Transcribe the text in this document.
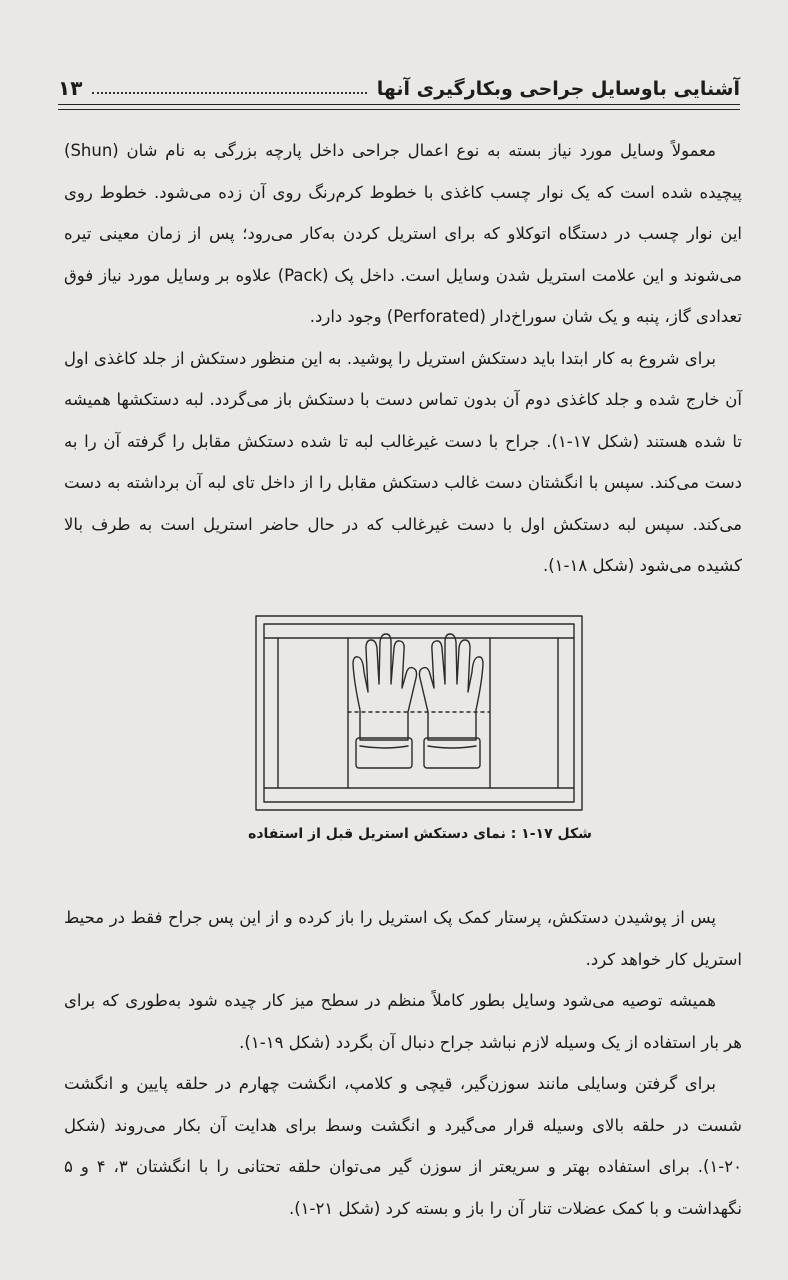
آشنایی باوسایل جراحی وبکارگیری آنها
۱۳

معمولاً وسایل مورد نیاز بسته به نوع اعمال جراحی داخل پارچه بزرگی به نام شان (Shun) پیچیده شده است که یک نوار چسب کاغذی با خطوط کرم‌رنگ روی آن زده می‌شود. خطوط روی این نوار چسب در دستگاه اتوکلاو که برای استریل کردن به‌کار می‌رود؛ پس از زمان معینی تیره می‌شوند و این علامت استریل شدن وسایل است. داخل پک (Pack) علاوه بر وسایل مورد نیاز فوق تعدادی گاز، پنبه و یک شان سوراخ‌دار (Perforated) وجود دارد.

برای شروع به کار ابتدا باید دستکش استریل را پوشید. به این منظور دستکش از جلد کاغذی اول آن خارج شده و جلد کاغذی دوم آن بدون تماس دست با دستکش باز می‌گردد. لبه دستکشها همیشه تا شده هستند (شکل ۱۷-۱). جراح با دست غیرغالب لبه تا شده دستکش مقابل را گرفته آن را به دست می‌کند. سپس با انگشتان دست غالب دستکش مقابل را از داخل تای لبه آن برداشته به دست می‌کند. سپس لبه دستکش اول با دست غیرغالب که در حال حاضر استریل است به طرف بالا کشیده می‌شود (شکل ۱۸-۱).

شکل ۱۷-۱ : نمای دستکش استریل قبل از استفاده

پس از پوشیدن دستکش، پرستار کمک پک استریل را باز کرده و از این پس جراح فقط در محیط استریل کار خواهد کرد.

همیشه توصیه می‌شود وسایل بطور کاملاً منظم در سطح میز کار چیده شود به‌طوری که برای هر بار استفاده از یک وسیله لازم نباشد جراح دنبال آن بگردد (شکل ۱۹-۱).

برای گرفتن وسایلی مانند سوزن‌گیر، قیچی و کلامپ، انگشت چهارم در حلقه پایین و انگشت شست در حلقه بالای وسیله قرار می‌گیرد و انگشت وسط برای هدایت آن بکار می‌روند (شکل ۲۰-۱). برای استفاده بهتر و سریعتر از سوزن گیر می‌توان حلقه تحتانی را با انگشتان ۳، ۴ و ۵ نگهداشت و با کمک عضلات تنار آن را باز و بسته کرد (شکل ۲۱-۱).
